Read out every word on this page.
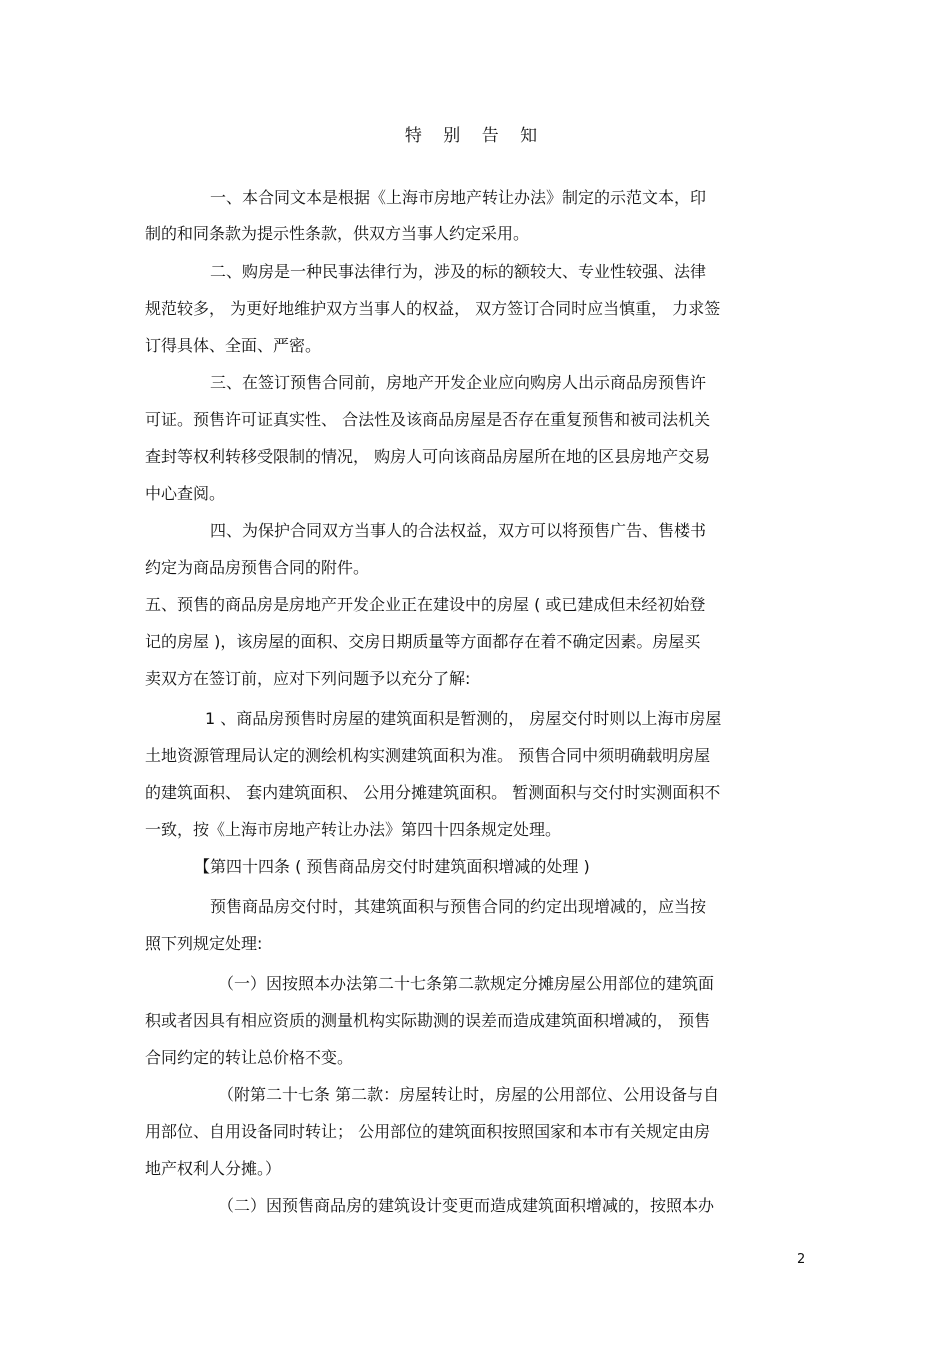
特 别 告 知
一、本合同文本是根据《上海市房地产转让办法》制定的示范文本，印
制的和同条款为提示性条款，供双方当事人约定采用。
二、购房是一种民事法律行为，涉及的标的额较大、专业性较强、法律
规范较多， 为更好地维护双方当事人的权益， 双方签订合同时应当慎重， 力求签
订得具体、全面、严密。
三、在签订预售合同前，房地产开发企业应向购房人出示商品房预售许
可证。预售许可证真实性、 合法性及该商品房屋是否存在重复预售和被司法机关
查封等权利转移受限制的情况， 购房人可向该商品房屋所在地的区县房地产交易
中心查阅。
四、为保护合同双方当事人的合法权益，双方可以将预售广告、售楼书
约定为商品房预售合同的附件。
五、预售的商品房是房地产开发企业正在建设中的房屋 ( 或已建成但未经初始登
记的房屋 )，该房屋的面积、交房日期质量等方面都存在着不确定因素。房屋买
卖双方在签订前，应对下列问题予以充分了解:
1 、商品房预售时房屋的建筑面积是暂测的， 房屋交付时则以上海市房屋
土地资源管理局认定的测绘机构实测建筑面积为准。 预售合同中须明确载明房屋
的建筑面积、 套内建筑面积、 公用分摊建筑面积。 暂测面积与交付时实测面积不
一致，按《上海市房地产转让办法》第四十四条规定处理。
【第四十四条 ( 预售商品房交付时建筑面积增减的处理 )
预售商品房交付时，其建筑面积与预售合同的约定出现增减的，应当按
照下列规定处理:
（一）因按照本办法第二十七条第二款规定分摊房屋公用部位的建筑面
积或者因具有相应资质的测量机构实际勘测的误差而造成建筑面积增减的， 预售
合同约定的转让总价格不变。
（附第二十七条 第二款：房屋转让时，房屋的公用部位、公用设备与自
用部位、自用设备同时转让； 公用部位的建筑面积按照国家和本市有关规定由房
地产权利人分摊。）
（二）因预售商品房的建筑设计变更而造成建筑面积增减的，按照本办
2
